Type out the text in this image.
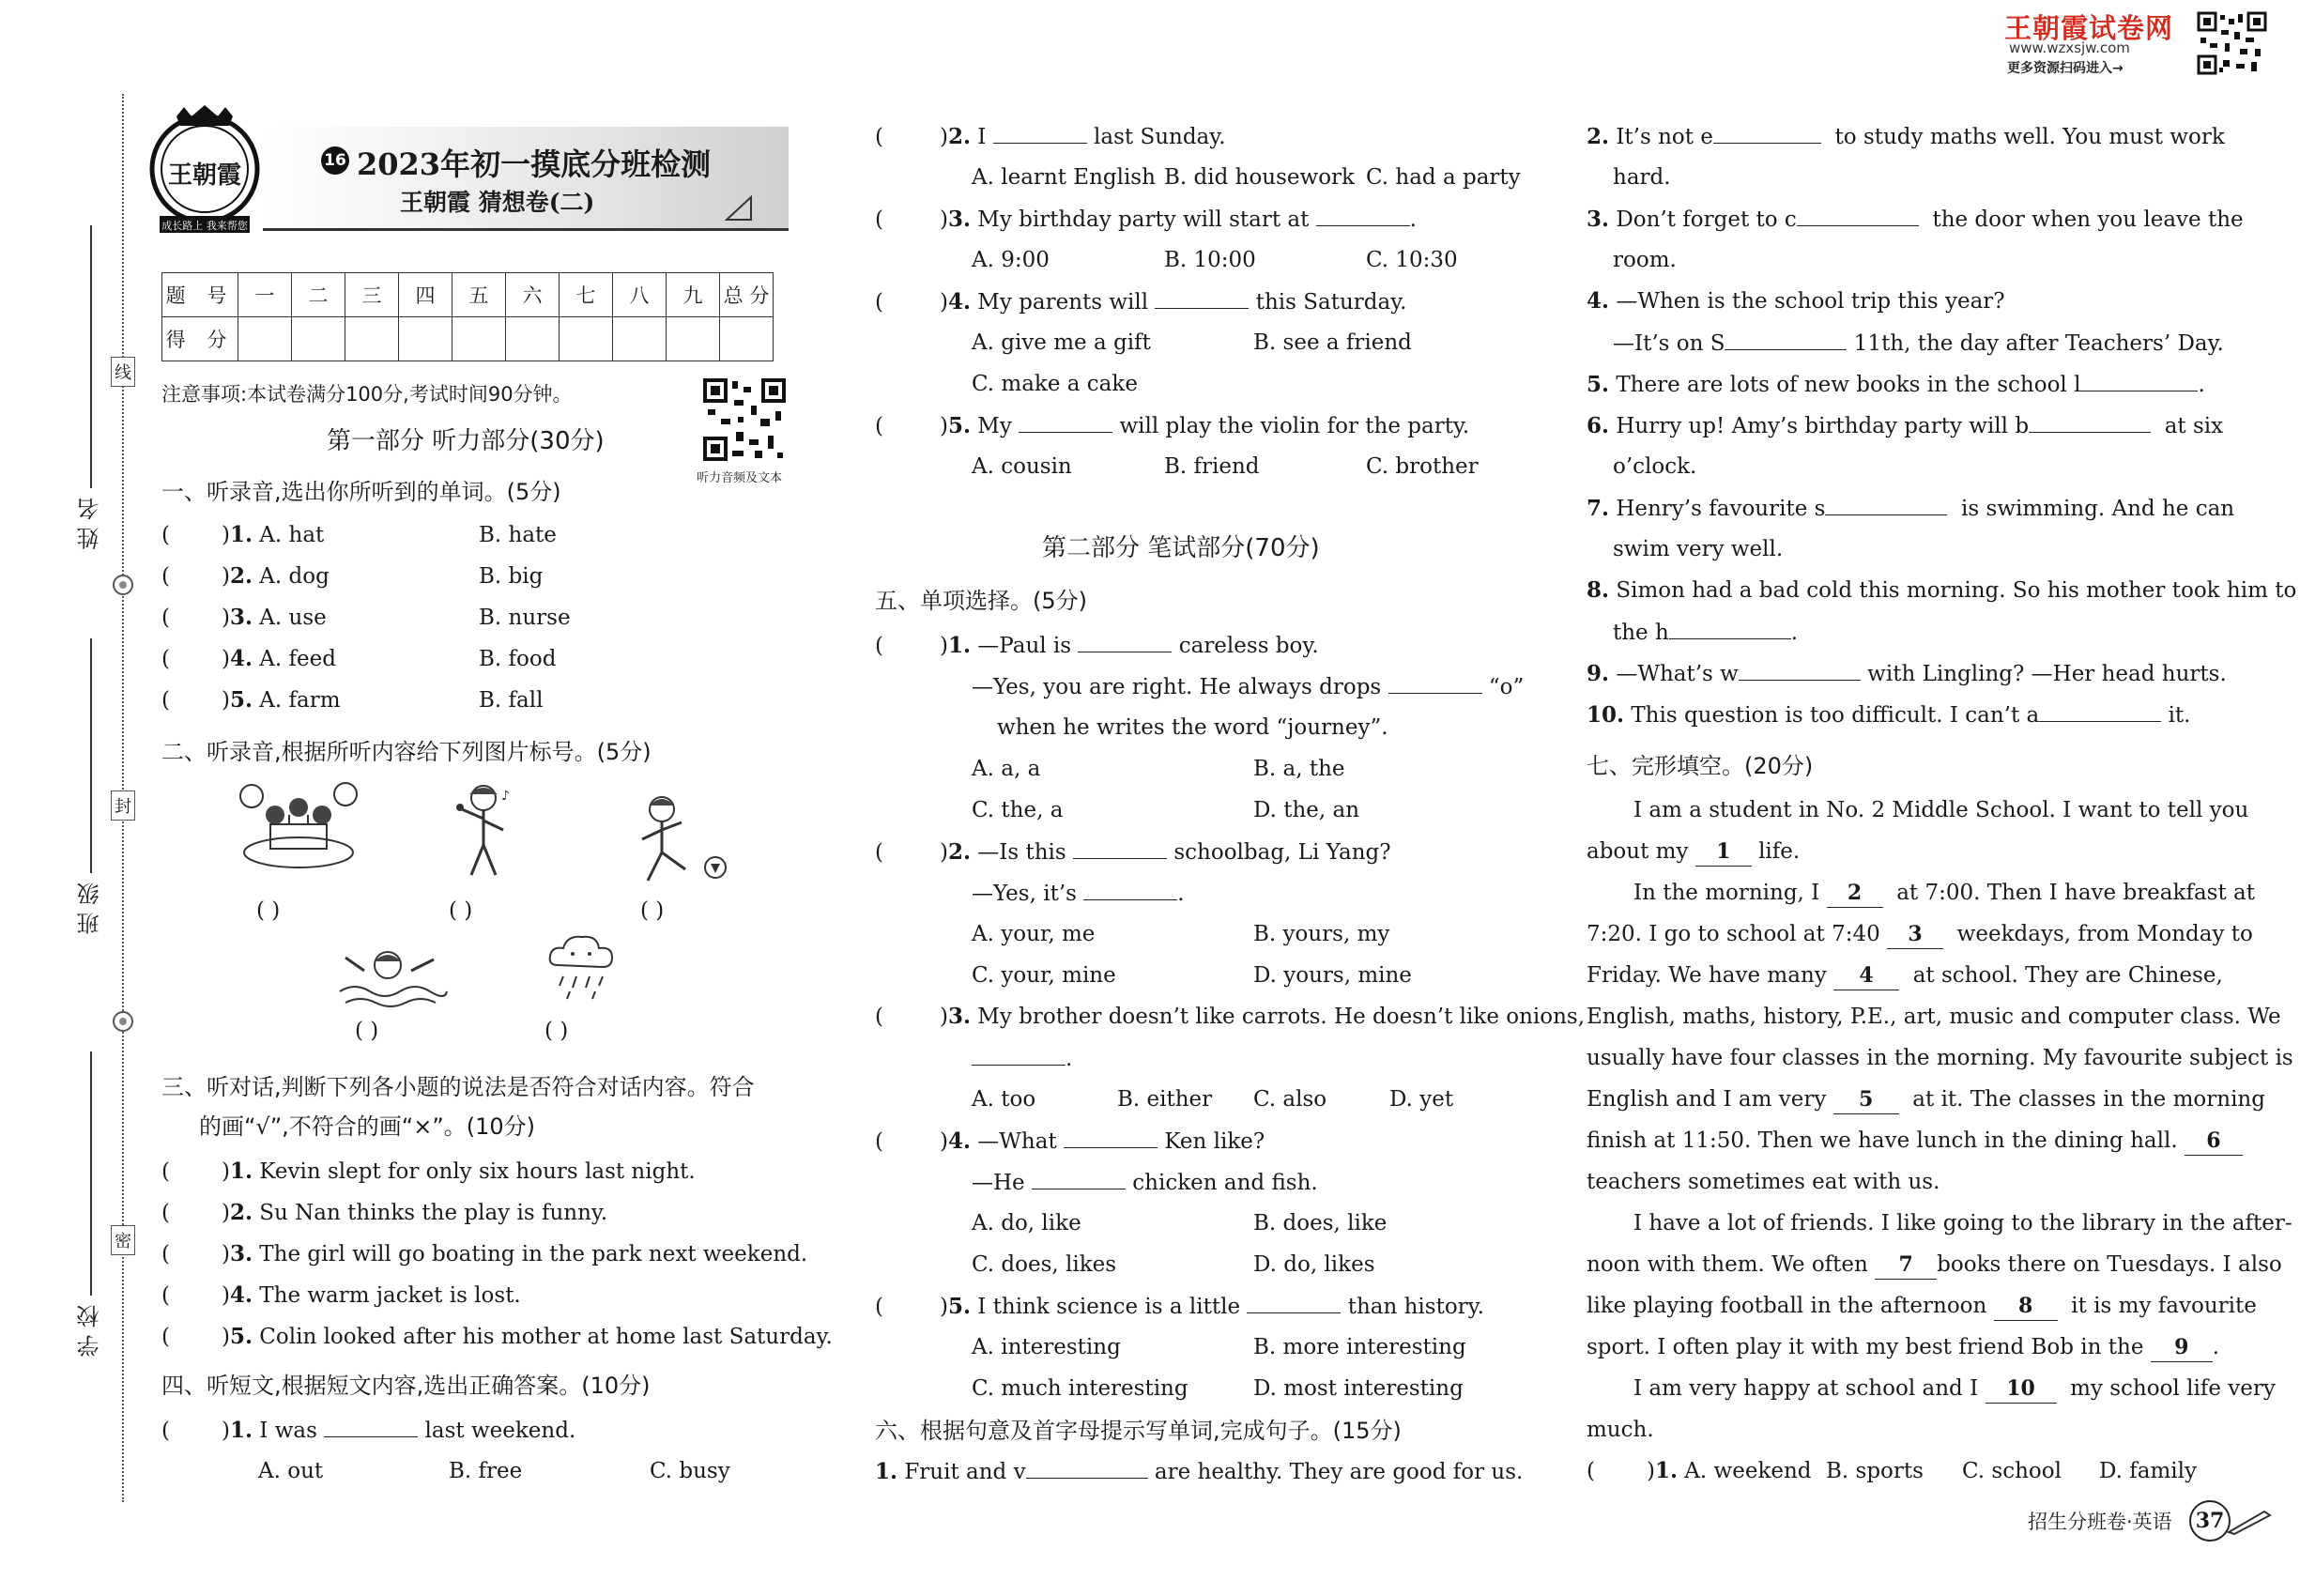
王朝霞试卷网
www.wzxsjw.com
更多资源扫码进入→
姓 名
班 级
学 校
线
封
密
王朝霞
成长路上 我来帮您
16 2023年初一摸底分班检测
王朝霞 猜想卷(二)
题 号	一	二	三	四	五	六	七	八	九	总 分
得 分										
注意事项:本试卷满分100分,考试时间90分钟。
听力音频及文本
第一部分 听力部分(30分)
一、听录音,选出你所听到的单词。(5分)
( )1. A. hat	B. hate
( )2. A. dog	B. big
( )3. A. use	B. nurse
( )4. A. feed	B. food
( )5. A. farm	B. fall
二、听录音,根据所听内容给下列图片标号。(5分)
( )
♪
( )	( )
( )	( )
三、听对话,判断下列各小题的说法是否符合对话内容。符合
的画“√”,不符合的画“×”。(10分)
( )1. Kevin slept for only six hours last night.
( )2. Su Nan thinks the play is funny.
( )3. The girl will go boating in the park next weekend.
( )4. The warm jacket is lost.
( )5. Colin looked after his mother at home last Saturday.
四、听短文,根据短文内容,选出正确答案。(10分)
( )1. I was	last weekend.
A. out	B. free	C. busy
(	)2. I	last Sunday.
A. learnt English B. did housework C. had a party
(	)3. My birthday party will start at	.
A. 9:00	B. 10:00	C. 10:30
(	)4. My parents will	this Saturday.
A. give me a gift	B. see a friend
C. make a cake
(	)5. My	will play the violin for the party.
A. cousin	B. friend	C. brother
第二部分 笔试部分(70分)
五、单项选择。(5分)
(	)1. —Paul is	careless boy.
—Yes, you are right. He always drops	“o”
when he writes the word “journey”.
A. a, a	B. a, the
C. the, a	D. the, an
(	)2. —Is this	schoolbag, Li Yang?
—Yes, it’s	.
A. your, me	B. yours, my
C. your, mine	D. yours, mine
(	)3. My brother doesn’t like carrots. He doesn’t like onions,
.
A. too	B. either C. also	D. yet
(	)4. —What	Ken like?
—He	chicken and fish.
A. do, like	B. does, like
C. does, likes	D. do, likes
(	)5. I think science is a little	than history.
A. interesting	B. more interesting
C. much interesting	D. most interesting
六、根据句意及首字母提示写单词,完成句子。(15分)
1. Fruit and v	are healthy. They are good for us.
2. It’s not e	to study maths well. You must work
hard.
3. Don’t forget to c	the door when you leave the
room.
4. —When is the school trip this year?
—It’s on S	11th, the day after Teachers’ Day.
5. There are lots of new books in the school l	.
6. Hurry up! Amy’s birthday party will b	at six
o’clock.
7. Henry’s favourite s	is swimming. And he can
swim very well.
8. Simon had a bad cold this morning. So his mother took him to
the h	.
9. —What’s w	with Lingling? —Her head hurts.
10. This question is too difficult. I can’t a	it.
七、完形填空。(20分)
I am a student in No. 2 Middle School. I want to tell you
about my 1 life.
In the morning, I 2 at 7:00. Then I have breakfast at
7:20. I go to school at 7:40 3 weekdays, from Monday to
Friday. We have many 4 at school. They are Chinese,
English, maths, history, P.E., art, music and computer class. We
usually have four classes in the morning. My favourite subject is
English and I am very 5 at it. The classes in the morning
finish at 11:50. Then we have lunch in the dining hall. 6
teachers sometimes eat with us.
I have a lot of friends. I like going to the library in the after-
noon with them. We often 7 books there on Tuesdays. I also
like playing football in the afternoon 8 it is my favourite
sport. I often play it with my best friend Bob in the 9 .
I am very happy at school and I 10 my school life very
much.
( )1. A. weekend B. sports C. school D. family
招生分班卷·英语	37
